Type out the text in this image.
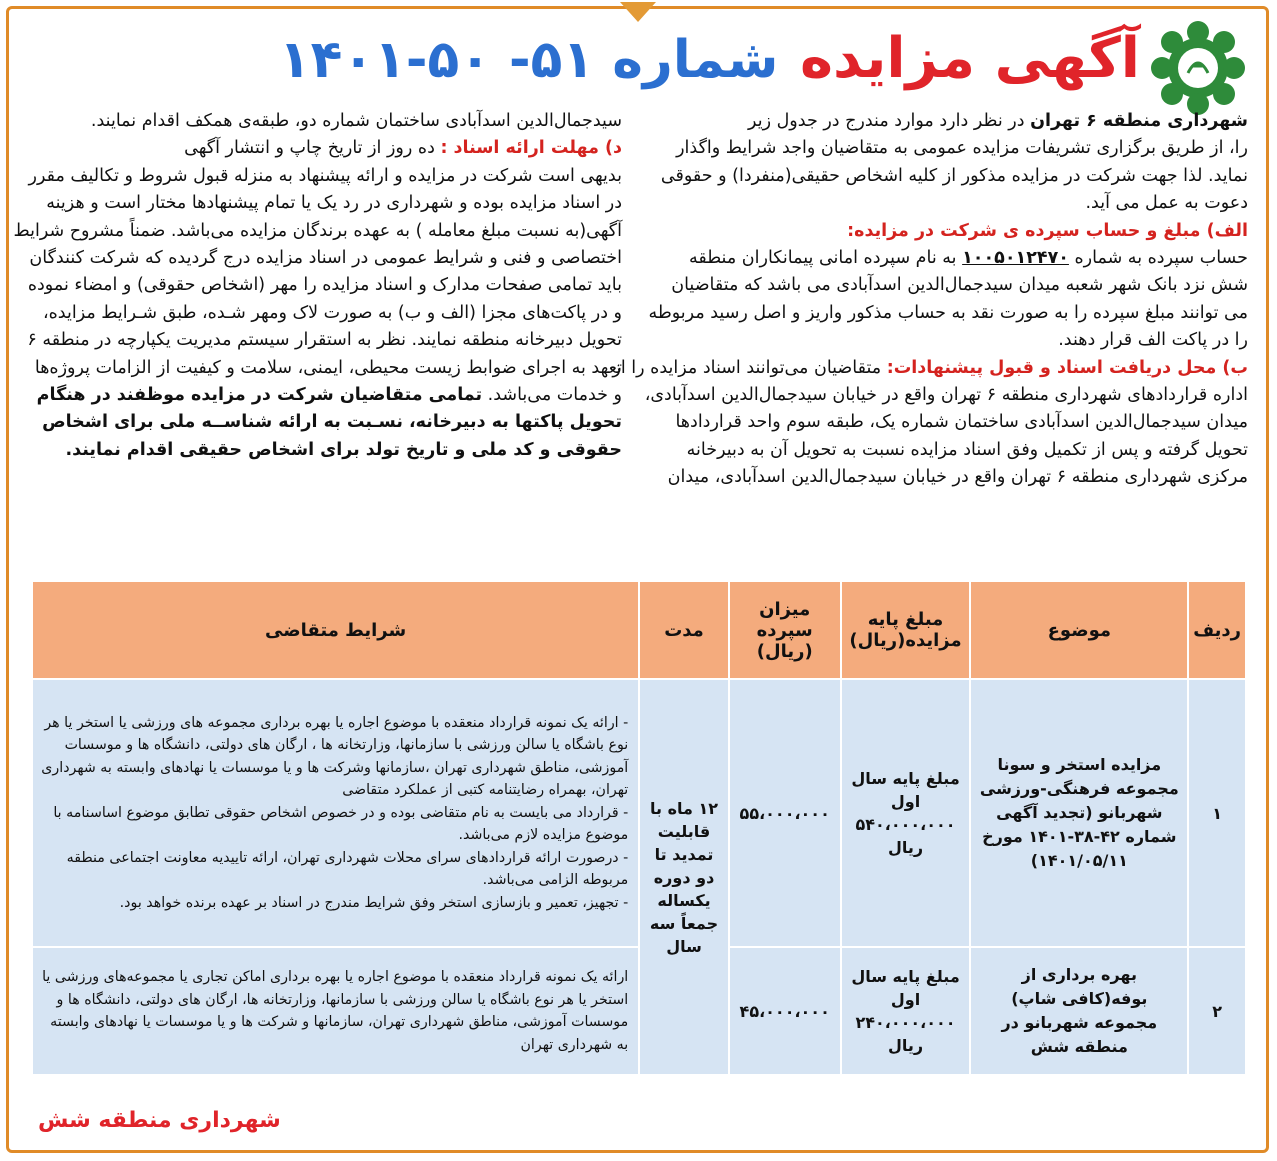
آگهی مزایده شماره ۵۱- ۵۰-۱۴۰۱
شهرداری منطقه ۶ تهران در نظر دارد موارد مندرج در جدول زیر
را، از طریق برگزاری تشریفات مزایده عمومی به متقاضیان واجد شرایط واگذار
نماید. لذا جهت شرکت در مزایده مذکور از کلیه اشخاص حقیقی(منفردا) و حقوقی
دعوت به عمل می آید.
الف) مبلغ و حساب سپرده ی شرکت در مزایده:
حساب سپرده به شماره ۱۰۰۵۰۱۲۴۷۰ به نام سپرده امانی پیمانکاران منطقه
شش نزد بانک شهر شعبه میدان سیدجمال‌الدین اسدآبادی می باشد که متقاضیان
می توانند مبلغ سپرده را به صورت نقد به حساب مذکور واریز و اصل رسید مربوطه
را در پاکت الف قرار دهند.
ب) محل دریافت اسناد و قبول پیشنهادات: متقاضیان می‌توانند اسناد مزایده را از
اداره قراردادهای شهرداری منطقه ۶ تهران واقع در خیابان سیدجمال‌الدین اسدآبادی،
میدان سیدجمال‌الدین اسدآبادی ساختمان شماره یک، طبقه سوم واحد قراردادها
تحویل گرفته و پس از تکمیل وفق اسناد مزایده نسبت به تحویل آن به دبیرخانه
مرکزی شهرداری منطقه ۶ تهران واقع در خیابان سیدجمال‌الدین اسدآبادی، میدان
سیدجمال‌الدین اسدآبادی ساختمان شماره دو، طبقه‌ی همکف اقدام نمایند.
د) مهلت ارائه اسناد : ده روز از تاریخ چاپ و انتشار آگهی
بدیهی است شرکت در مزایده و ارائه پیشنهاد به منزله قبول شروط و تکالیف مقرر
در اسناد مزایده بوده و شهرداری در رد یک یا تمام پیشنهادها مختار است و هزینه
آگهی(به نسبت مبلغ معامله ) به عهده برندگان مزایده می‌باشد. ضمناً مشروح شرایط
اختصاصی و فنی و شرایط عمومی در اسناد مزایده درج گردیده که شرکت کنندگان
باید تمامی صفحات مدارک و اسناد مزایده را مهر (اشخاص حقوقی) و امضاء نموده
و در پاکت‌های مجزا (الف و ب) به صورت لاک ومهر شـده، طبق شـرایط مزایده،
تحویل دبیرخانه منطقه نمایند. نظر به استقرار سیستم مدیریت یکپارچه در منطقه ۶
تعهد به اجرای ضوابط زیست محیطی، ایمنی، سلامت و کیفیت از الزامات پروژه‌ها
و خدمات می‌باشد. تمامی متقاضیان شرکت در مزایده موظفند در هنگام
تحویل پاکتها به دبیرخانه، نسـبت به ارائه شناســه ملی برای اشخاص
حقوقی و کد ملی و تاریخ تولد برای اشخاص حقیقی اقدام نمایند.
ردیف	موضوع	مبلغ پایه مزایده(ریال)	میزان سپرده (ریال)	مدت	شرایط متقاضی
۱	مزایده استخر و سونا مجموعه فرهنگی-ورزشی شهربانو (تجدید آگهی شماره ۴۲-۳۸-۱۴۰۱ مورخ ۱۴۰۱/۰۵/۱۱)	مبلغ پایه سال اول ۵۴۰،۰۰۰،۰۰۰ ریال	۵۵،۰۰۰،۰۰۰	۱۲ ماه با قابلیت تمدید تا دو دوره یکساله جمعاً سه سال	- ارائه یک نمونه قرارداد منعقده با موضوع اجاره یا بهره برداری مجموعه های ورزشی یا استخر یا هر نوع باشگاه یا سالن ورزشی با سازمانها، وزارتخانه ها ، ارگان های دولتی، دانشگاه ها و موسسات آموزشی، مناطق شهرداری تهران ،سازمانها وشرکت ها و یا موسسات یا نهادهای وابسته به شهرداری تهران، بهمراه رضایتنامه کتبی از عملکرد متقاضی
- قرارداد می بایست به نام متقاضی بوده و در خصوص اشخاص حقوقی تطابق موضوع اساسنامه با موضوع مزایده لازم می‌باشد.
- درصورت ارائه قراردادهای سرای محلات شهرداری تهران، ارائه تاییدیه معاونت اجتماعی منطقه مربوطه الزامی می‌باشد.
- تجهیز، تعمیر و بازسازی استخر وفق شرایط مندرج در اسناد بر عهده برنده خواهد بود.

۲	بهره برداری از بوفه(کافی شاپ) مجموعه شهربانو در منطقه شش	مبلغ پایه سال اول ۲۴۰،۰۰۰،۰۰۰ ریال	۴۵،۰۰۰،۰۰۰		ارائه یک نمونه قرارداد منعقده با موضوع اجاره یا بهره برداری اماکن تجاری یا مجموعه‌های ورزشی یا استخر یا هر نوع باشگاه یا سالن ورزشی با سازمانها، وزارتخانه ها، ارگان های دولتی، دانشگاه ها و موسسات آموزشی، مناطق شهرداری تهران، سازمانها و شرکت ها و یا موسسات یا نهادهای وابسته به شهرداری تهران
شهرداری منطقه شش
